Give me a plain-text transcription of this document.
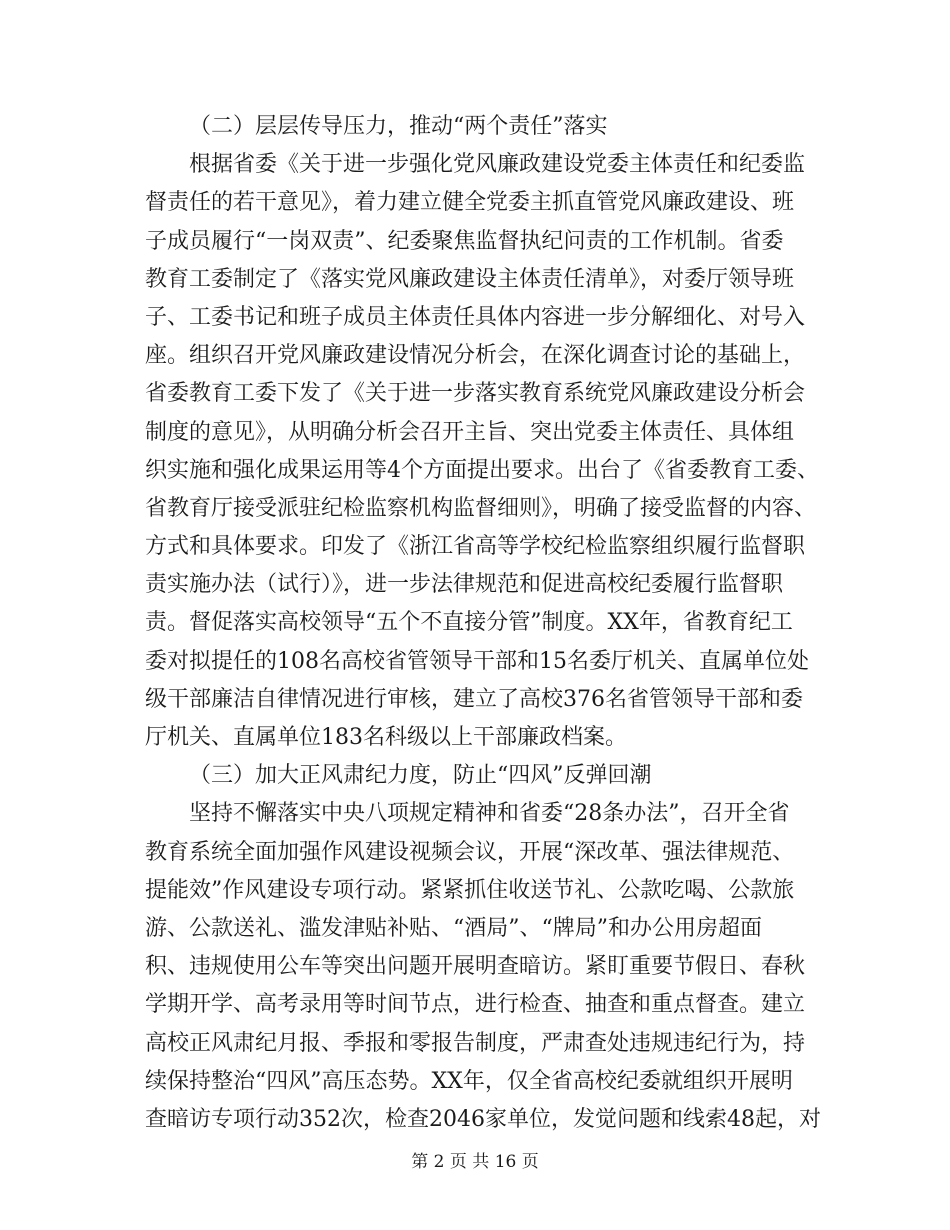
（二）层层传导压力，推动“两个责任”落实
根据省委《关于进一步强化党风廉政建设党委主体责任和纪委监
督责任的若干意见》，着力建立健全党委主抓直管党风廉政建设、班
子成员履行“一岗双责”、纪委聚焦监督执纪问责的工作机制。省委
教育工委制定了《落实党风廉政建设主体责任清单》，对委厅领导班
子、工委书记和班子成员主体责任具体内容进一步分解细化、对号入
座。组织召开党风廉政建设情况分析会，在深化调查讨论的基础上，
省委教育工委下发了《关于进一步落实教育系统党风廉政建设分析会
制度的意见》，从明确分析会召开主旨、突出党委主体责任、具体组
织实施和强化成果运用等4个方面提出要求。出台了《省委教育工委、
省教育厅接受派驻纪检监察机构监督细则》，明确了接受监督的内容、
方式和具体要求。印发了《浙江省高等学校纪检监察组织履行监督职
责实施办法（试行）》，进一步法律规范和促进高校纪委履行监督职
责。督促落实高校领导“五个不直接分管”制度。XX年，省教育纪工
委对拟提任的108名高校省管领导干部和15名委厅机关、直属单位处
级干部廉洁自律情况进行审核，建立了高校376名省管领导干部和委
厅机关、直属单位183名科级以上干部廉政档案。
（三）加大正风肃纪力度，防止“四风”反弹回潮
坚持不懈落实中央八项规定精神和省委“28条办法”，召开全省
教育系统全面加强作风建设视频会议，开展“深改革、强法律规范、
提能效”作风建设专项行动。紧紧抓住收送节礼、公款吃喝、公款旅
游、公款送礼、滥发津贴补贴、“酒局”、“牌局”和办公用房超面
积、违规使用公车等突出问题开展明查暗访。紧盯重要节假日、春秋
学期开学、高考录用等时间节点，进行检查、抽查和重点督查。建立
高校正风肃纪月报、季报和零报告制度，严肃查处违规违纪行为，持
续保持整治“四风”高压态势。XX年，仅全省高校纪委就组织开展明
查暗访专项行动352次，检查2046家单位，发觉问题和线索48起，对
第 2 页 共 16 页
